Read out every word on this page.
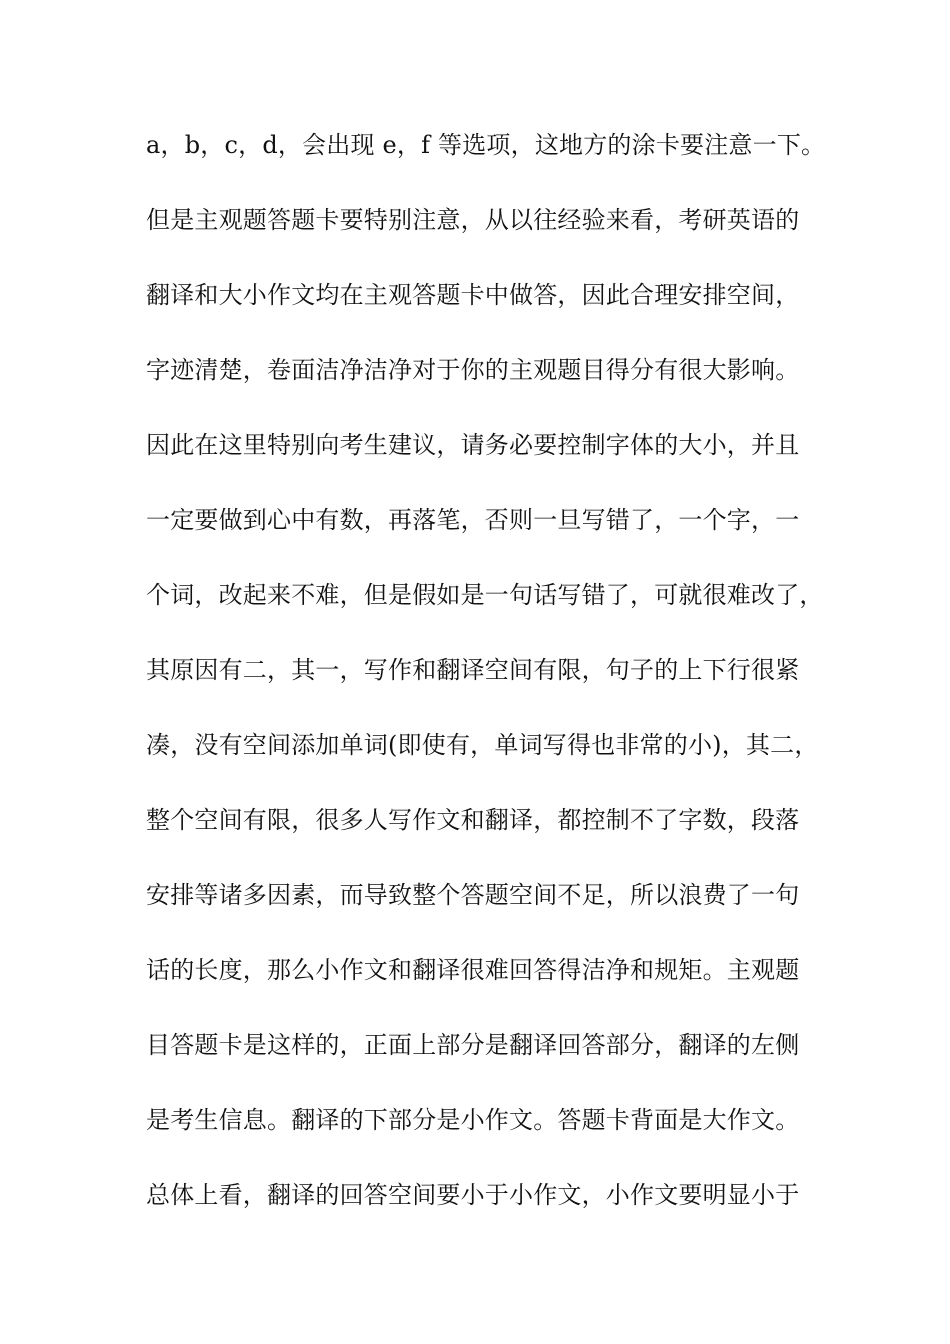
a，b，c，d，会出现 e，f 等选项，这地方的涂卡要注意一下。
但是主观题答题卡要特别注意，从以往经验来看，考研英语的
翻译和大小作文均在主观答题卡中做答，因此合理安排空间，
字迹清楚，卷面洁净洁净对于你的主观题目得分有很大影响。
因此在这里特别向考生建议，请务必要控制字体的大小，并且
一定要做到心中有数，再落笔，否则一旦写错了，一个字，一
个词，改起来不难，但是假如是一句话写错了，可就很难改了，
其原因有二，其一，写作和翻译空间有限，句子的上下行很紧
凑，没有空间添加单词(即使有，单词写得也非常的小)，其二，
整个空间有限，很多人写作文和翻译，都控制不了字数，段落
安排等诸多因素，而导致整个答题空间不足，所以浪费了一句
话的长度，那么小作文和翻译很难回答得洁净和规矩。主观题
目答题卡是这样的，正面上部分是翻译回答部分，翻译的左侧
是考生信息。翻译的下部分是小作文。答题卡背面是大作文。
总体上看，翻译的回答空间要小于小作文，小作文要明显小于
